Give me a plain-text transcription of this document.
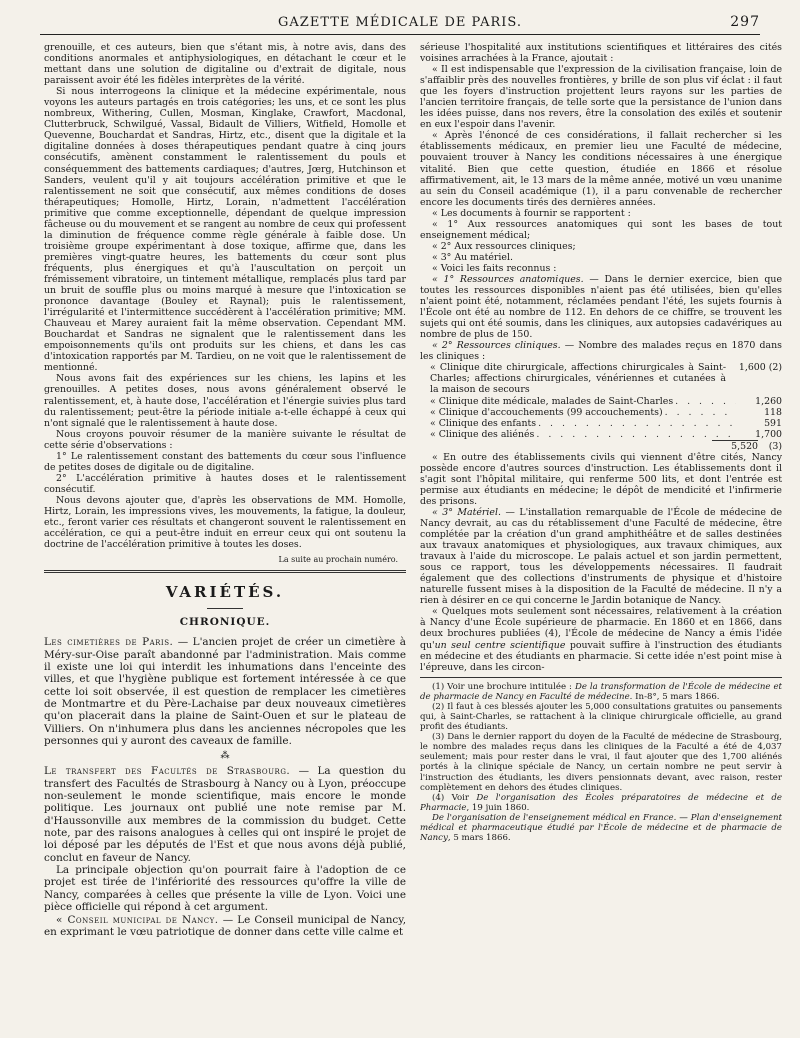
GAZETTE MÉDICALE DE PARIS.	297

grenouille, et ces auteurs, bien que s'étant mis, à notre avis, dans des conditions anormales et antiphysiologiques, en détachant le cœur et le mettant dans une solution de digitaline ou d'extrait de digitale, nous paraissent avoir été les fidèles interprètes de la vérité.

Si nous interrogeons la clinique et la médecine expérimentale, nous voyons les auteurs partagés en trois catégories; les uns, et ce sont les plus nombreux, Withering, Cullen, Mosman, Kinglake, Crawfort, Macdonal, Clutterbruck, Schwilgué, Vassal, Bidault de Villiers, Witfield, Homolle et Quevenne, Bouchardat et Sandras, Hirtz, etc., disent que la digitale et la digitaline données à doses thérapeutiques pendant quatre à cinq jours consécutifs, amènent constamment le ralentissement du pouls et conséquemment des battements cardiaques; d'autres, Jœrg, Hutchinson et Sanders, veulent qu'il y ait toujours accélération primitive et que le ralentissement ne soit que consécutif, aux mêmes conditions de doses thérapeutiques; Homolle, Hirtz, Lorain, n'admettent l'accélération primitive que comme exceptionnelle, dépendant de quelque impression fâcheuse ou du mouvement et se rangent au nombre de ceux qui professent la diminution de fréquence comme règle générale à faible dose. Un troisième groupe expérimentant à dose toxique, affirme que, dans les premières vingt-quatre heures, les battements du cœur sont plus fréquents, plus énergiques et qu'à l'auscultation on perçoit un frémissement vibratoire, un tintement métallique, remplacés plus tard par un bruit de souffle plus ou moins marqué à mesure que l'intoxication se prononce davantage (Bouley et Raynal); puis le ralentissement, l'irrégularité et l'intermittence succédèrent à l'accélération primitive; MM. Chauveau et Marey auraient fait la même observation. Cependant MM. Bouchardat et Sandras ne signalent que le ralentissement dans les empoisonnements qu'ils ont produits sur les chiens, et dans les cas d'intoxication rapportés par M. Tardieu, on ne voit que le ralentissement de mentionné.

Nous avons fait des expériences sur les chiens, les lapins et les grenouilles. A petites doses, nous avons généralement observé le ralentissement, et, à haute dose, l'accélération et l'énergie suivies plus tard du ralentissement; peut-être la période initiale a-t-elle échappé à ceux qui n'ont signalé que le ralentissement à haute dose.

Nous croyons pouvoir résumer de la manière suivante le résultat de cette série d'observations :

1° Le ralentissement constant des battements du cœur sous l'influence de petites doses de digitale ou de digitaline.

2° L'accélération primitive à hautes doses et le ralentissement consécutif.

Nous devons ajouter que, d'après les observations de MM. Homolle, Hirtz, Lorain, les impressions vives, les mouvements, la fatigue, la douleur, etc., feront varier ces résultats et changeront souvent le ralentissement en accélération, ce qui a peut-être induit en erreur ceux qui ont soutenu la doctrine de l'accélération primitive à toutes les doses.

La suite au prochain numéro.
VARIÉTÉS.
CHRONIQUE.

Les cimetières de Paris. — L'ancien projet de créer un cimetière à Méry-sur-Oise paraît abandonné par l'administration. Mais comme il existe une loi qui interdit les inhumations dans l'enceinte des villes, et que l'hygiène publique est fortement intéressée à ce que cette loi soit observée, il est question de remplacer les cimetières de Montmartre et du Père-Lachaise par deux nouveaux cimetières qu'on placerait dans la plaine de Saint-Ouen et sur le plateau de Villiers. On n'inhumera plus dans les anciennes nécropoles que les personnes qui y auront des caveaux de famille.

⁂

Le transfert des Facultés de Strasbourg. — La question du transfert des Facultés de Strasbourg à Nancy ou à Lyon, préoccupe non-seulement le monde scientifique, mais encore le monde politique. Les journaux ont publié une note remise par M. d'Haussonville aux membres de la commission du budget. Cette note, par des raisons analogues à celles qui ont inspiré le projet de loi déposé par les députés de l'Est et que nous avons déjà publié, conclut en faveur de Nancy.

La principale objection qu'on pourrait faire à l'adoption de ce projet est tirée de l'infériorité des ressources qu'offre la ville de Nancy, comparées à celles que présente la ville de Lyon. Voici une pièce officielle qui répond à cet argument.

« Conseil municipal de Nancy. — Le Conseil municipal de Nancy, en exprimant le vœu patriotique de donner dans cette ville calme et

sérieuse l'hospitalité aux institutions scientifiques et littéraires des cités voisines arrachées à la France, ajoutait :

« Il est indispensable que l'expression de la civilisation française, loin de s'affaiblir près des nouvelles frontières, y brille de son plus vif éclat : il faut que les foyers d'instruction projettent leurs rayons sur les parties de l'ancien territoire français, de telle sorte que la persistance de l'union dans les idées puisse, dans nos revers, être la consolation des exilés et soutenir en eux l'espoir dans l'avenir.

« Après l'énoncé de ces considérations, il fallait rechercher si les établissements médicaux, en premier lieu une Faculté de médecine, pouvaient trouver à Nancy les conditions nécessaires à une énergique vitalité. Bien que cette question, étudiée en 1866 et résolue affirmativement, ait, le 13 mars de la même année, motivé un vœu unanime au sein du Conseil académique (1), il a paru convenable de rechercher encore les documents tirés des dernières années.

« Les documents à fournir se rapportent :

« 1° Aux ressources anatomiques qui sont les bases de tout enseignement médical;

« 2° Aux ressources cliniques;

« 3° Au matériel.

« Voici les faits reconnus :

« 1° Ressources anatomiques. — Dans le dernier exercice, bien que toutes les ressources disponibles n'aient pas été utilisées, bien qu'elles n'aient point été, notamment, réclamées pendant l'été, les sujets fournis à l'École ont été au nombre de 112. En dehors de ce chiffre, se trouvent les sujets qui ont été soumis, dans les cliniques, aux autopsies cadavériques au nombre de plus de 150.

« 2° Ressources cliniques. — Nombre des malades reçus en 1870 dans les cliniques :

« Clinique dite chirurgicale, affections chirurgicales à Saint-Charles; affections chirurgicales, vénériennes et cutanées à la maison de secours
1,600 (2)
« Clinique dite médicale, malades de Saint-Charles . . .	1,260
« Clinique d'accouchements (99 accouchements) . . .	118
« Clinique des enfants . . .	591
« Clinique des aliénés . . .	1,700
5,520	(3)

« En outre des établissements civils qui viennent d'être cités, Nancy possède encore d'autres sources d'instruction. Les établissements dont il s'agit sont l'hôpital militaire, qui renferme 500 lits, et dont l'entrée est permise aux étudiants en médecine; le dépôt de mendicité et l'infirmerie des prisons.

« 3° Matériel. — L'installation remarquable de l'École de médecine de Nancy devrait, au cas du rétablissement d'une Faculté de médecine, être complétée par la création d'un grand amphithéâtre et de salles destinées aux travaux anatomiques et physiologiques, aux travaux chimiques, aux travaux à l'aide du microscope. Le palais actuel et son jardin permettent, sous ce rapport, tous les développements nécessaires. Il faudrait également que des collections d'instruments de physique et d'histoire naturelle fussent mises à la disposition de la Faculté de médecine. Il n'y a rien à désirer en ce qui concerne le Jardin botanique de Nancy.

« Quelques mots seulement sont nécessaires, relativement à la création à Nancy d'une École supérieure de pharmacie. En 1860 et en 1866, dans deux brochures publiées (4), l'École de médecine de Nancy a émis l'idée qu'un seul centre scientifique pouvait suffire à l'instruction des étudiants en médecine et des étudiants en pharmacie. Si cette idée n'est point mise à l'épreuve, dans les circon-

(1) Voir une brochure intitulée : De la transformation de l'École de médecine et de pharmacie de Nancy en Faculté de médecine. In-8°, 5 mars 1866.

(2) Il faut à ces blessés ajouter les 5,000 consultations gratuites ou pansements qui, à Saint-Charles, se rattachent à la clinique chirurgicale officielle, au grand profit des étudiants.

(3) Dans le dernier rapport du doyen de la Faculté de médecine de Strasbourg, le nombre des malades reçus dans les cliniques de la Faculté a été de 4,037 seulement; mais pour rester dans le vrai, il faut ajouter que des 1,700 aliénés portés à la clinique spéciale de Nancy, un certain nombre ne peut servir à l'instruction des étudiants, les divers pensionnats devant, avec raison, rester complètement en dehors des études cliniques.

(4) Voir De l'organisation des Écoles préparatoires de médecine et de Pharmacie, 19 juin 1860.

De l'organisation de l'enseignement médical en France. — Plan d'enseignement médical et pharmaceutique étudié par l'École de médecine et de pharmacie de Nancy, 5 mars 1866.
